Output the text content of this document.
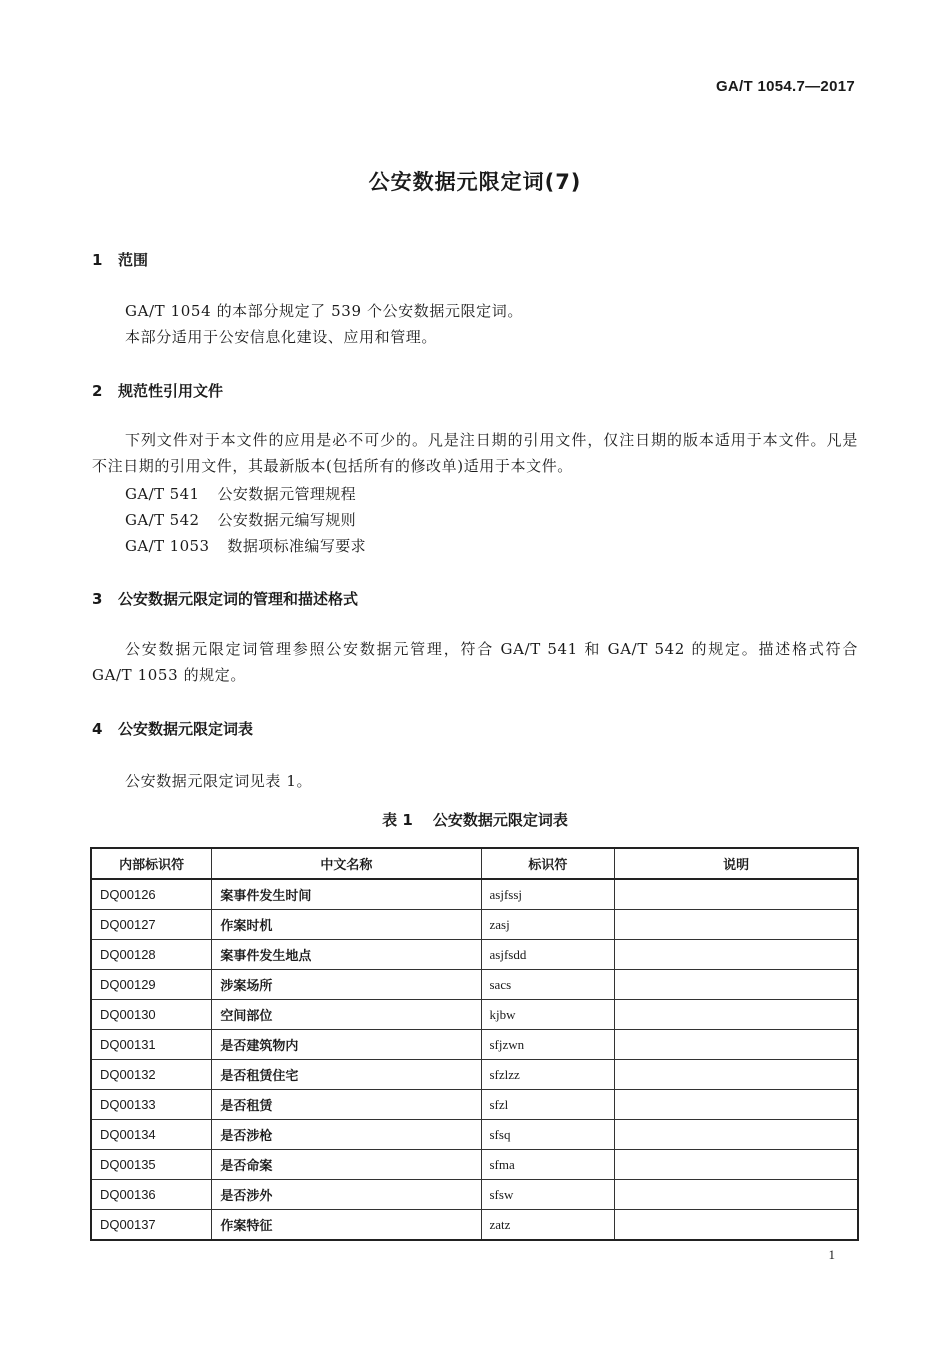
GA/T 1054.7—2017
公安数据元限定词(7)
1 范围
GA/T 1054 的本部分规定了 539 个公安数据元限定词。
本部分适用于公安信息化建设、应用和管理。
2 规范性引用文件
下列文件对于本文件的应用是必不可少的。凡是注日期的引用文件，仅注日期的版本适用于本文件。凡是不注日期的引用文件，其最新版本(包括所有的修改单)适用于本文件。
GA/T 541 公安数据元管理规程
GA/T 542 公安数据元编写规则
GA/T 1053 数据项标准编写要求
3 公安数据元限定词的管理和描述格式
公安数据元限定词管理参照公安数据元管理，符合 GA/T 541 和 GA/T 542 的规定。描述格式符合 GA/T 1053 的规定。
4 公安数据元限定词表
公安数据元限定词见表 1。
表 1 公安数据元限定词表
内部标识符	中文名称	标识符	说明
DQ00126	案事件发生时间	asjfssj	
DQ00127	作案时机	zasj	
DQ00128	案事件发生地点	asjfsdd	
DQ00129	涉案场所	sacs	
DQ00130	空间部位	kjbw	
DQ00131	是否建筑物内	sfjzwn	
DQ00132	是否租赁住宅	sfzlzz	
DQ00133	是否租赁	sfzl	
DQ00134	是否涉枪	sfsq	
DQ00135	是否命案	sfma	
DQ00136	是否涉外	sfsw	
DQ00137	作案特征	zatz	
1
